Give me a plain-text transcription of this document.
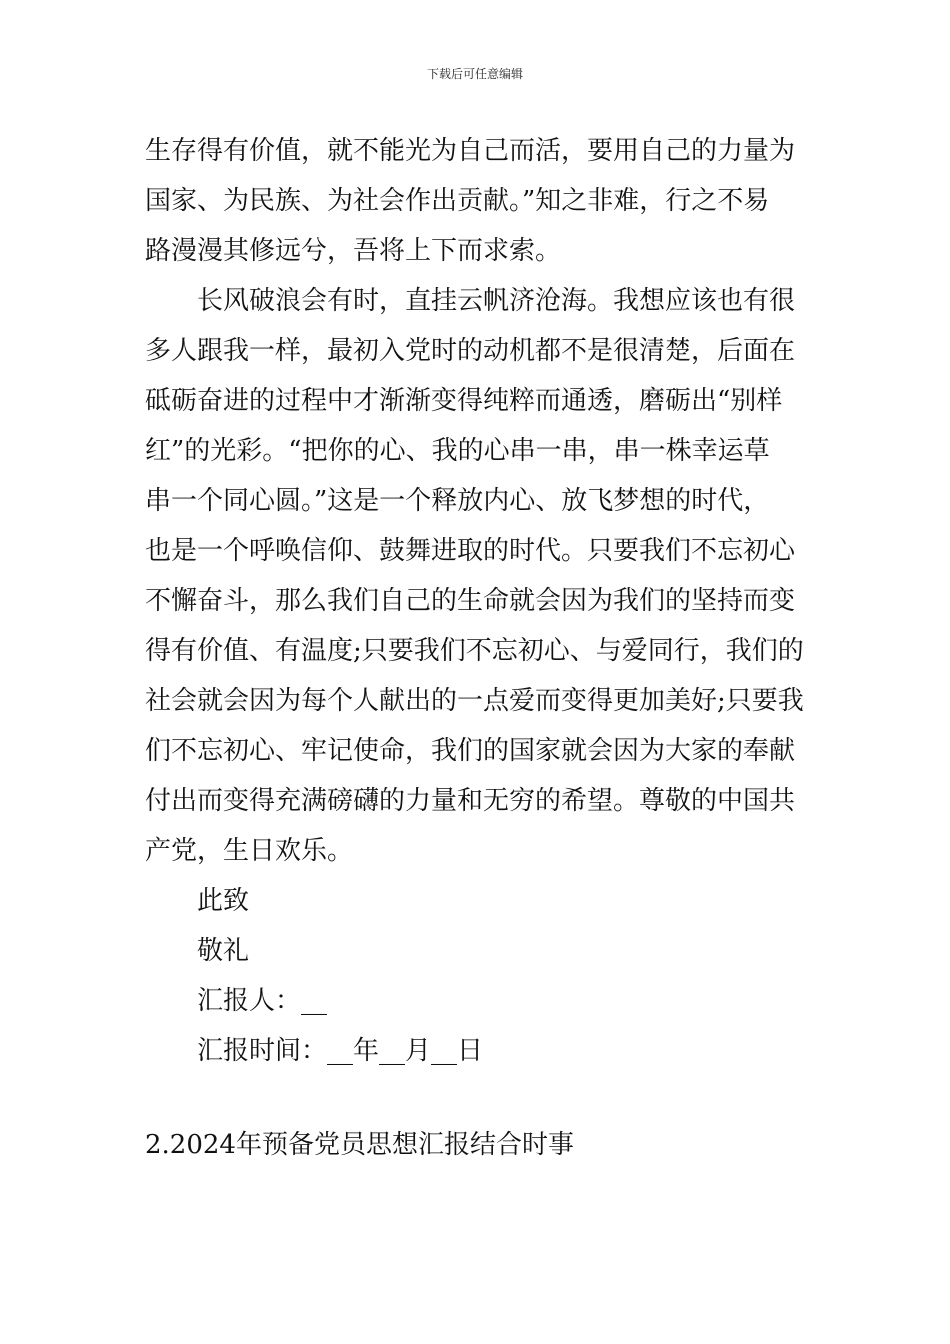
下载后可任意编辑
生存得有价值，就不能光为自己而活，要用自己的力量为
国家、为民族、为社会作出贡献。”知之非难，行之不易
路漫漫其修远兮，吾将上下而求索。
长风破浪会有时，直挂云帆济沧海。我想应该也有很
多人跟我一样，最初入党时的动机都不是很清楚，后面在
砥砺奋进的过程中才渐渐变得纯粹而通透，磨砺出“别样
红”的光彩。“把你的心、我的心串一串，串一株幸运草
串一个同心圆。”这是一个释放内心、放飞梦想的时代，
也是一个呼唤信仰、鼓舞进取的时代。只要我们不忘初心
不懈奋斗，那么我们自己的生命就会因为我们的坚持而变
得有价值、有温度;只要我们不忘初心、与爱同行，我们的
社会就会因为每个人献出的一点爱而变得更加美好;只要我
们不忘初心、牢记使命，我们的国家就会因为大家的奉献
付出而变得充满磅礴的力量和无穷的希望。尊敬的中国共
产党，生日欢乐。
此致
敬礼
汇报人：__
汇报时间：__年__月__日
2.2024年预备党员思想汇报结合时事
